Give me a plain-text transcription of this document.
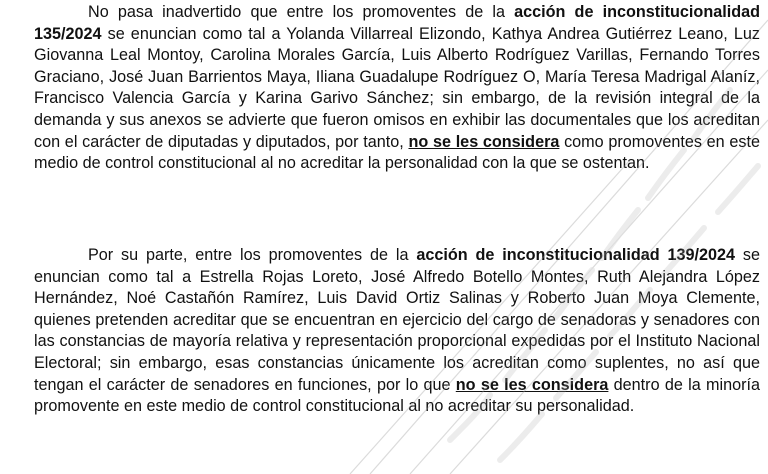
No pasa inadvertido que entre los promoventes de la acción de inconstitucionalidad 135/2024 se enuncian como tal a Yolanda Villarreal Elizondo, Kathya Andrea Gutiérrez Leano, Luz Giovanna Leal Montoy, Carolina Morales García, Luis Alberto Rodríguez Varillas, Fernando Torres Graciano, José Juan Barrientos Maya, Iliana Guadalupe Rodríguez O, María Teresa Madrigal Alaníz, Francisco Valencia García y Karina Garivo Sánchez; sin embargo, de la revisión integral de la demanda y sus anexos se advierte que fueron omisos en exhibir las documentales que los acreditan con el carácter de diputadas y diputados, por tanto, no se les considera como promoventes en este medio de control constitucional al no acreditar la personalidad con la que se ostentan.

Por su parte, entre los promoventes de la acción de inconstitucionalidad 139/2024 se enuncian como tal a Estrella Rojas Loreto, José Alfredo Botello Montes, Ruth Alejandra López Hernández, Noé Castañón Ramírez, Luis David Ortiz Salinas y Roberto Juan Moya Clemente, quienes pretenden acreditar que se encuentran en ejercicio del cargo de senadoras y senadores con las constancias de mayoría relativa y representación proporcional expedidas por el Instituto Nacional Electoral; sin embargo, esas constancias únicamente los acreditan como suplentes, no así que tengan el carácter de senadores en funciones, por lo que no se les considera dentro de la minoría promovente en este medio de control constitucional al no acreditar su personalidad.
